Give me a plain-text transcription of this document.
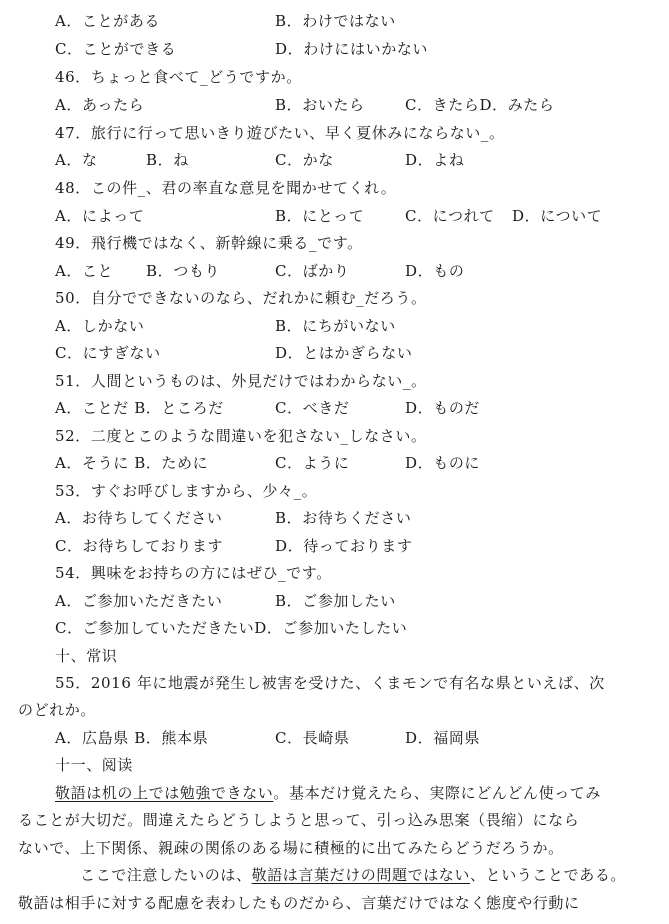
A．ことがある	B．わけではない
C．ことができる	D．わけにはいかない
46．ちょっと食べて_どうですか。
A．あったら	B．おいたら	C．きたらD．みたら
47．旅行に行って思いきり遊びたい、早く夏休みにならない_。
A．な	B．ね	C．かな	D．よね
48．この件_、君の率直な意見を聞かせてくれ。
A．によって	B．にとって	C．につれて D．について
49．飛行機ではなく、新幹線に乗る_です。
A．こと B．つもり	C．ばかり	D．もの
50．自分でできないのなら、だれかに頼む_だろう。
A．しかない	B．にちがいない
C．にすぎない	D．とはかぎらない
51．人間というものは、外見だけではわからない_。
A．ことだ B．ところだ	C．べきだ	D．ものだ
52．二度とこのような間違いを犯さない_しなさい。
A．そうに B．ために	C．ように	D．ものに
53．すぐお呼びしますから、少々_。
A．お待ちしてください	B．お待ちください
C．お待ちしております	D．待っております
54．興味をお持ちの方にはぜひ_です。
A．ご参加いただきたい	B．ご参加したい
C．ご参加していただきたいD．ご参加いたしたい
十、常识
55．2016 年に地震が発生し被害を受けた、くまモンで有名な県といえば、次
のどれか。
A．広島県 B．熊本県	C．長崎県	D．福岡県
十一、阅读
敬語は机の上では勉強できない。基本だけ覚えたら、実際にどんどん使ってみ
ることが大切だ。間違えたらどうしようと思って、引っ込み思案（畏缩）になら
ないで、上下関係、親疎の関係のある場に積極的に出てみたらどうだろうか。
ここで注意したいのは、敬語は言葉だけの問題ではない、ということである。
敬語は相手に対する配慮を表わしたものだから、言葉だけではなく態度や行動に
